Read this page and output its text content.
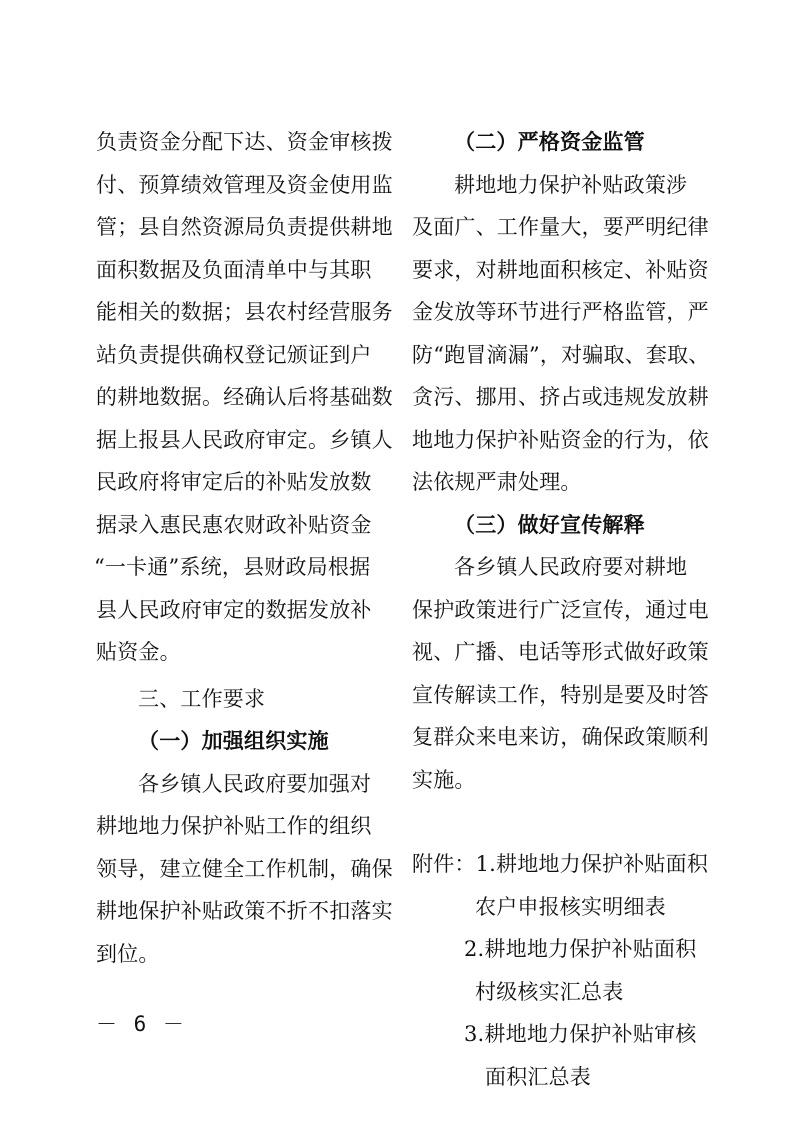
负责资金分配下达、资金审核拨
付、预算绩效管理及资金使用监
管；县自然资源局负责提供耕地
面积数据及负面清单中与其职
能相关的数据；县农村经营服务
站负责提供确权登记颁证到户
的耕地数据。经确认后将基础数
据上报县人民政府审定。乡镇人
民政府将审定后的补贴发放数
据录入惠民惠农财政补贴资金
“一卡通”系统，县财政局根据
县人民政府审定的数据发放补
贴资金。
三、工作要求
（一）加强组织实施
各乡镇人民政府要加强对
耕地地力保护补贴工作的组织
领导，建立健全工作机制，确保
耕地保护补贴政策不折不扣落实
到位。
（二）严格资金监管
耕地地力保护补贴政策涉
及面广、工作量大，要严明纪律
要求，对耕地面积核定、补贴资
金发放等环节进行严格监管，严
防“跑冒滴漏”，对骗取、套取、
贪污、挪用、挤占或违规发放耕
地地力保护补贴资金的行为，依
法依规严肃处理。
（三）做好宣传解释
各乡镇人民政府要对耕地
保护政策进行广泛宣传，通过电
视、广播、电话等形式做好政策
宣传解读工作，特别是要及时答
复群众来电来访，确保政策顺利
实施。
附件：1.耕地地力保护补贴面积
农户申报核实明细表
2.耕地地力保护补贴面积
村级核实汇总表
3.耕地地力保护补贴审核
面积汇总表
－ 6 －
